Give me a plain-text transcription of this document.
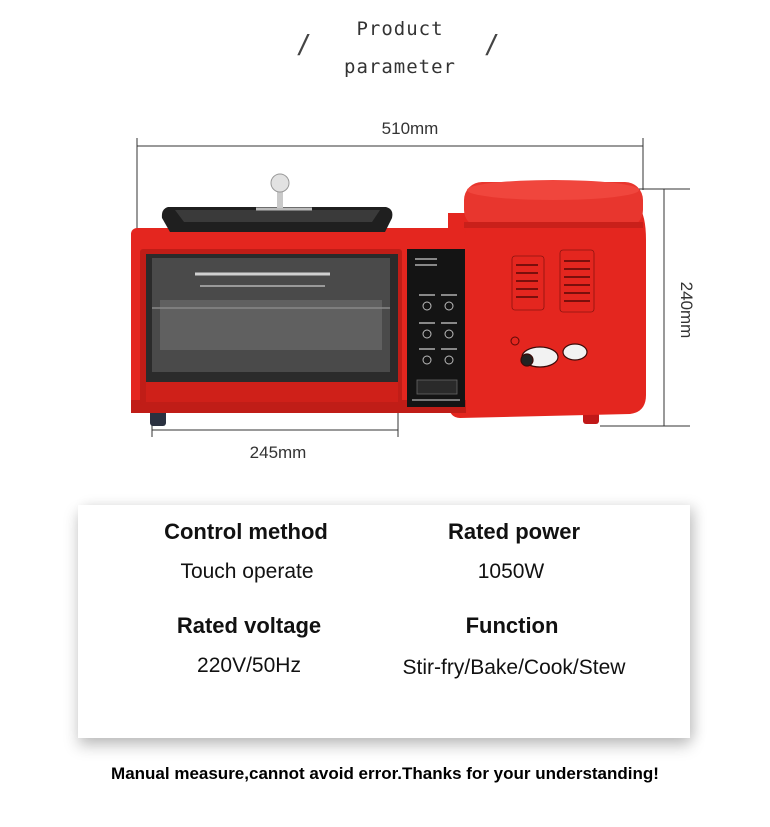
/	/
Product
parameter
510mm
245mm
240mm
Control method
Touch operate
Rated power
1050W
Rated voltage
220V/50Hz
Function
Stir-fry/Bake/Cook/Stew
Manual measure,cannot avoid error.Thanks for your understanding!
